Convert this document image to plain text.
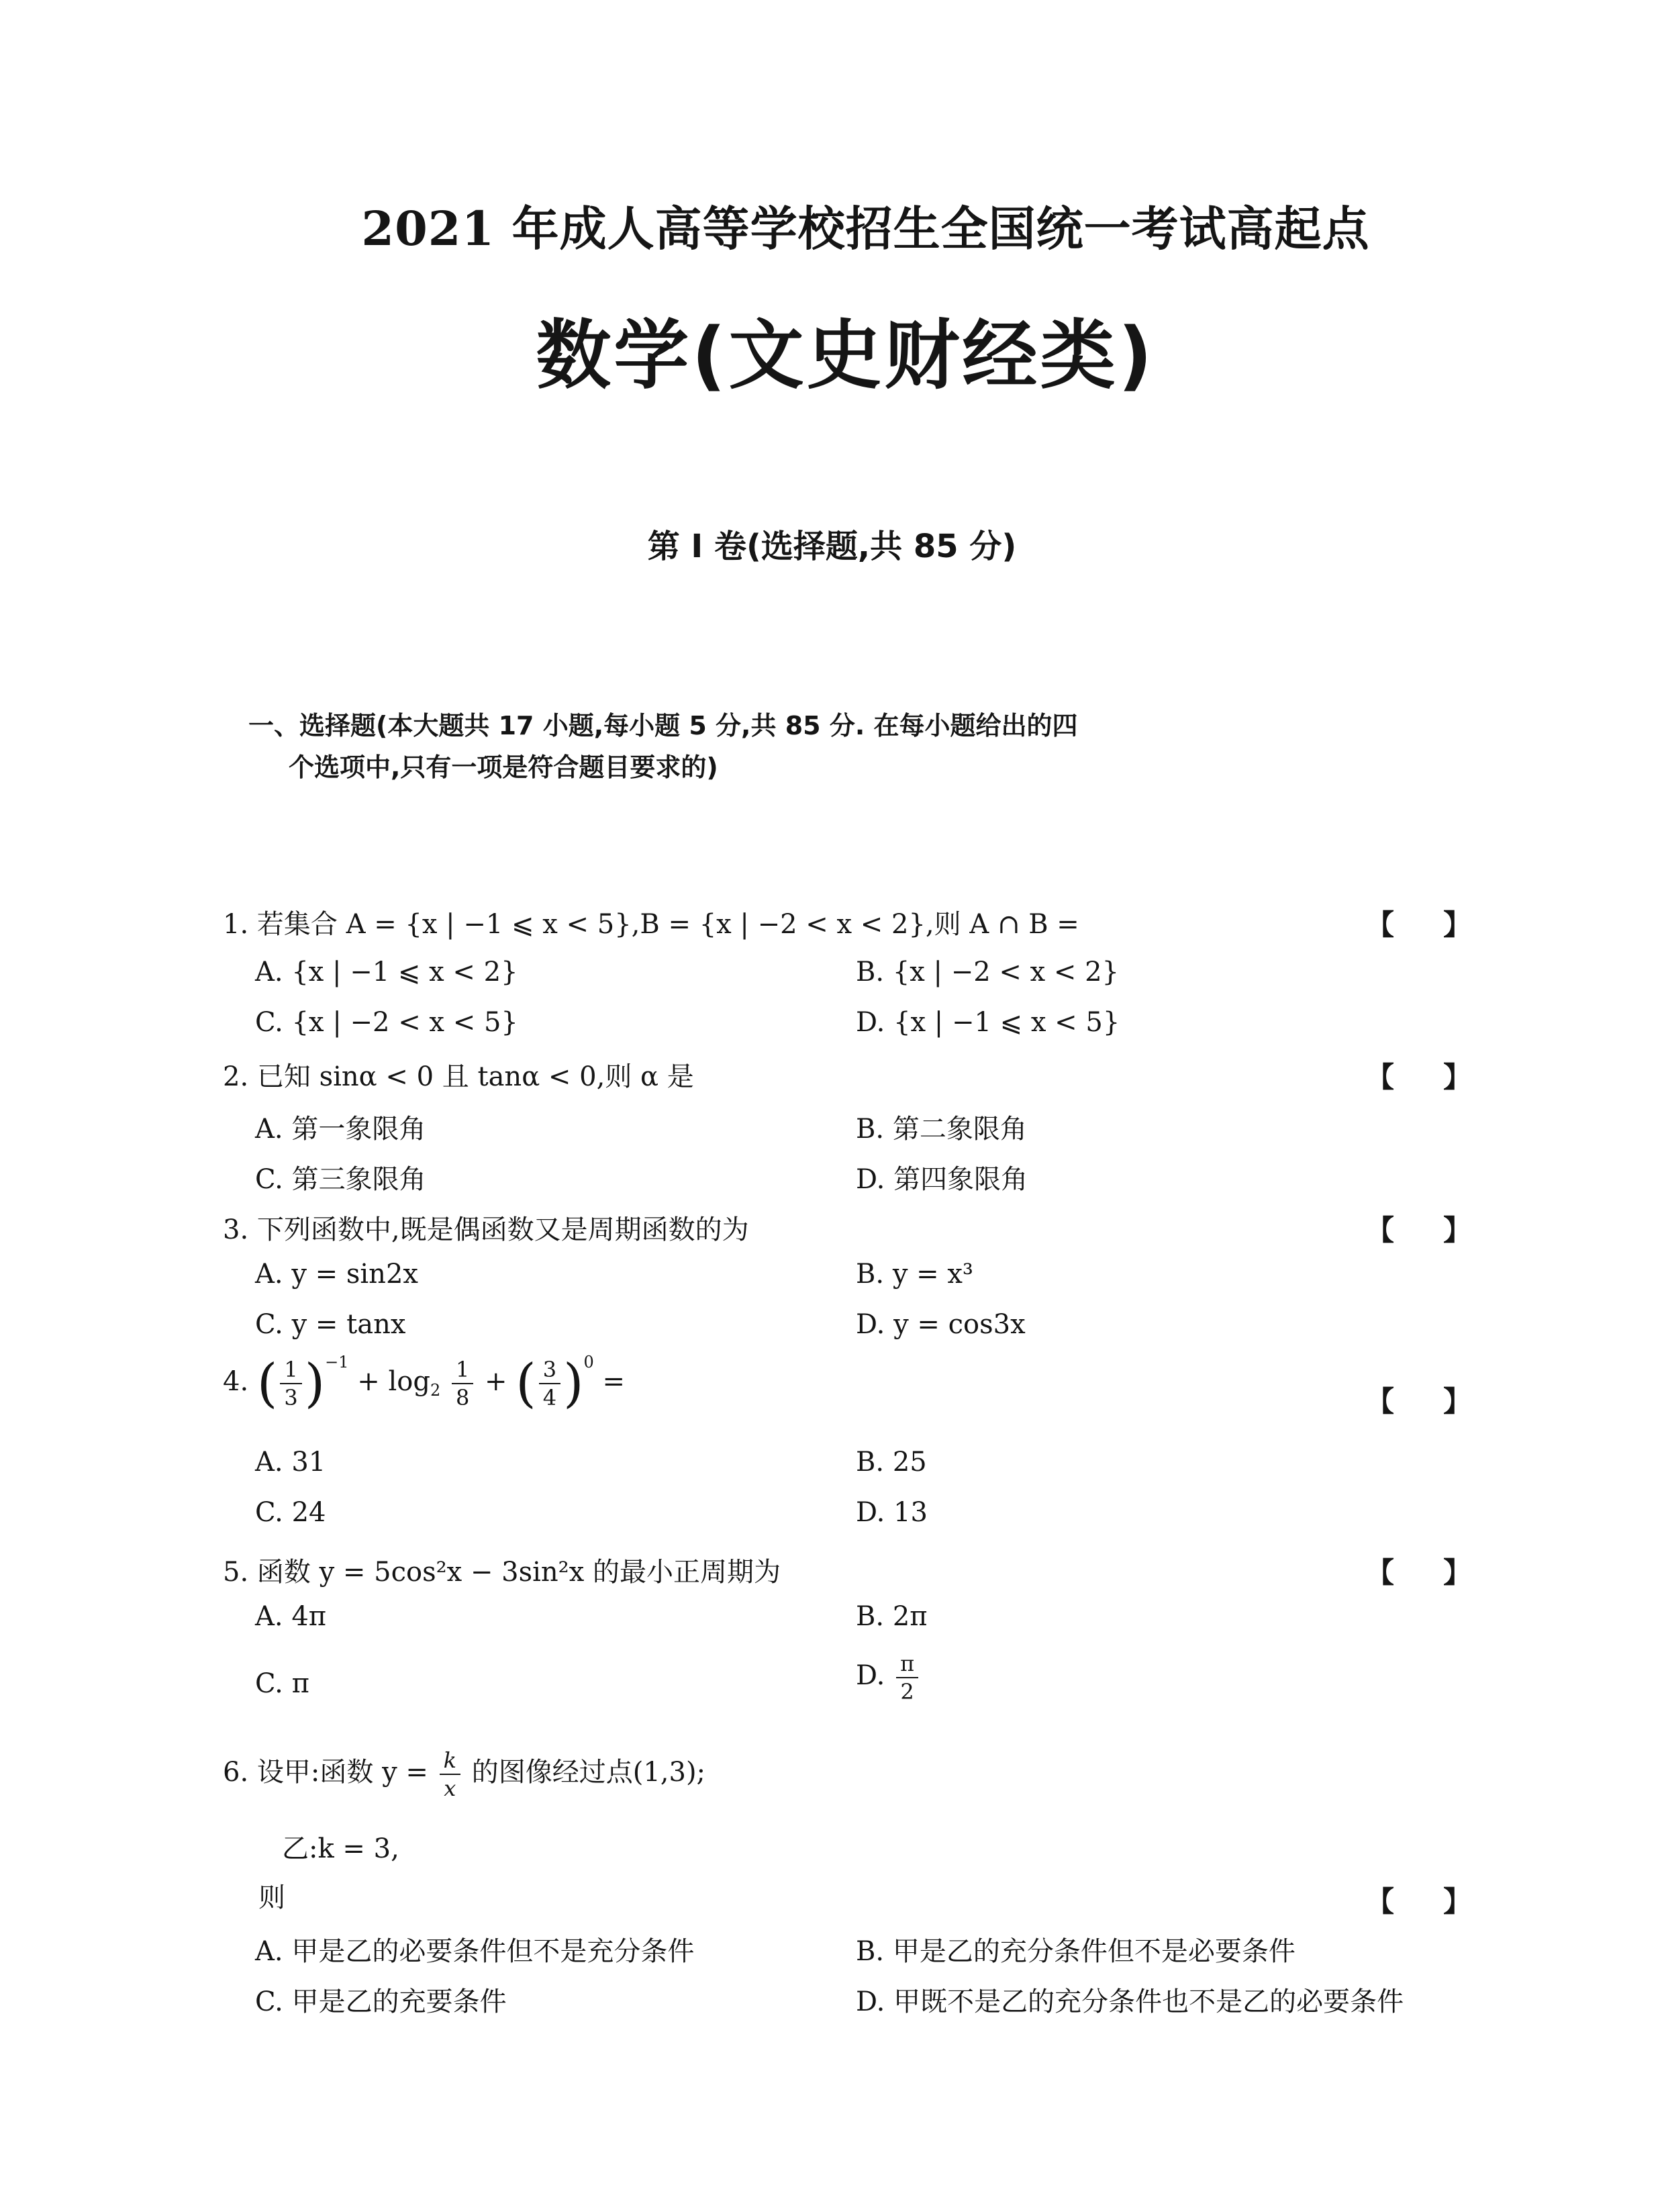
2021 年成人高等学校招生全国统一考试高起点
数学(文史财经类)
第 Ⅰ 卷(选择题,共 85 分)
一、选择题(本大题共 17 小题,每小题 5 分,共 85 分. 在每小题给出的四
个选项中,只有一项是符合题目要求的)
1. 若集合 A = {x | −1 ⩽ x < 5},B = {x | −2 < x < 2},则 A ∩ B =	【     】
A. {x | −1 ⩽ x < 2}	B. {x | −2 < x < 2}
C. {x | −2 < x < 5}	D. {x | −1 ⩽ x < 5}
2. 已知 sinα < 0 且 tanα < 0,则 α 是	【     】
A. 第一象限角	B. 第二象限角
C. 第三象限角	D. 第四象限角
3. 下列函数中,既是偶函数又是周期函数的为	【     】
A. y = sin2x	B. y = x³
C. y = tanx	D. y = cos3x
4. ( $\frac{1}{3} )^{-1} + \log_2 \frac{1}{8}$ + ( $\frac{3}{4} )^0$ =
【     】
A. 31	B. 25
C. 24	D. 13
5. 函数 y = 5cos²x − 3sin²x 的最小正周期为	【     】
A. 4π	B. 2π
C. π	D. $\frac{\pi}{2}$
6. 设甲:函数 $y = \frac{k}{x}$ 的图像经过点(1,3);
乙:k = 3,
则	【     】
A. 甲是乙的必要条件但不是充分条件	B. 甲是乙的充分条件但不是必要条件
C. 甲是乙的充要条件	D. 甲既不是乙的充分条件也不是乙的必要条件
